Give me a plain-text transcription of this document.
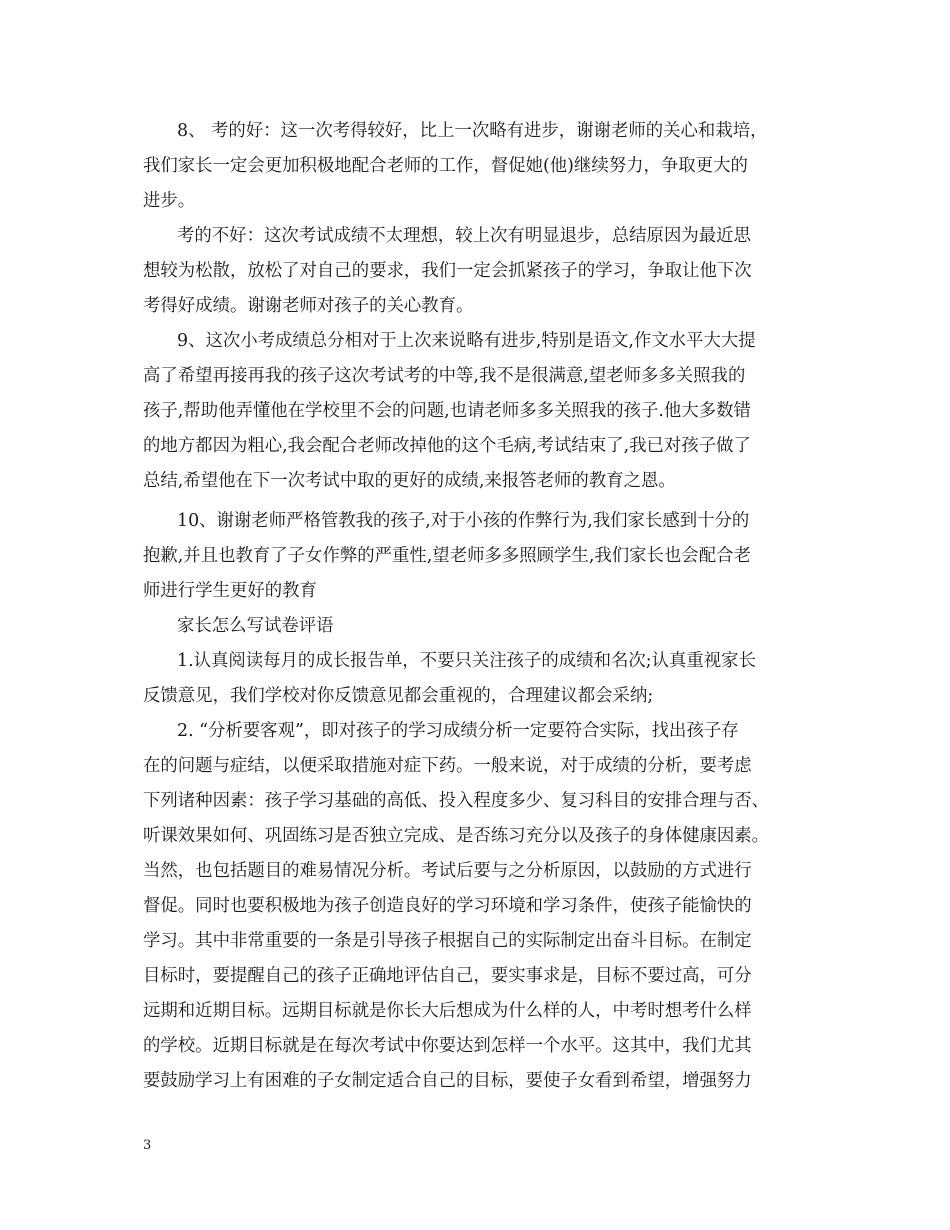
8、 考的好：这一次考得较好，比上一次略有进步，谢谢老师的关心和栽培，
我们家长一定会更加积极地配合老师的工作，督促她(他)继续努力，争取更大的
进步。
考的不好：这次考试成绩不太理想，较上次有明显退步，总结原因为最近思
想较为松散，放松了对自己的要求，我们一定会抓紧孩子的学习，争取让他下次
考得好成绩。谢谢老师对孩子的关心教育。
9、这次小考成绩总分相对于上次来说略有进步,特别是语文,作文水平大大提
高了希望再接再我的孩子这次考试考的中等,我不是很满意,望老师多多关照我的
孩子,帮助他弄懂他在学校里不会的问题,也请老师多多关照我的孩子.他大多数错
的地方都因为粗心,我会配合老师改掉他的这个毛病,考试结束了,我已对孩子做了
总结,希望他在下一次考试中取的更好的成绩,来报答老师的教育之恩。
10、谢谢老师严格管教我的孩子,对于小孩的作弊行为,我们家长感到十分的
抱歉,并且也教育了子女作弊的严重性,望老师多多照顾学生,我们家长也会配合老
师进行学生更好的教育
家长怎么写试卷评语
1.认真阅读每月的成长报告单，不要只关注孩子的成绩和名次;认真重视家长
反馈意见，我们学校对你反馈意见都会重视的，合理建议都会采纳;
2. “分析要客观”，即对孩子的学习成绩分析一定要符合实际，找出孩子存
在的问题与症结，以便采取措施对症下药。一般来说，对于成绩的分析，要考虑
下列诸种因素：孩子学习基础的高低、投入程度多少、复习科目的安排合理与否、
听课效果如何、巩固练习是否独立完成、是否练习充分以及孩子的身体健康因素。
当然，也包括题目的难易情况分析。考试后要与之分析原因，以鼓励的方式进行
督促。同时也要积极地为孩子创造良好的学习环境和学习条件，使孩子能愉快的
学习。其中非常重要的一条是引导孩子根据自己的实际制定出奋斗目标。在制定
目标时，要提醒自己的孩子正确地评估自己，要实事求是，目标不要过高，可分
远期和近期目标。远期目标就是你长大后想成为什么样的人，中考时想考什么样
的学校。近期目标就是在每次考试中你要达到怎样一个水平。这其中，我们尤其
要鼓励学习上有困难的子女制定适合自己的目标，要使子女看到希望，增强努力
3
